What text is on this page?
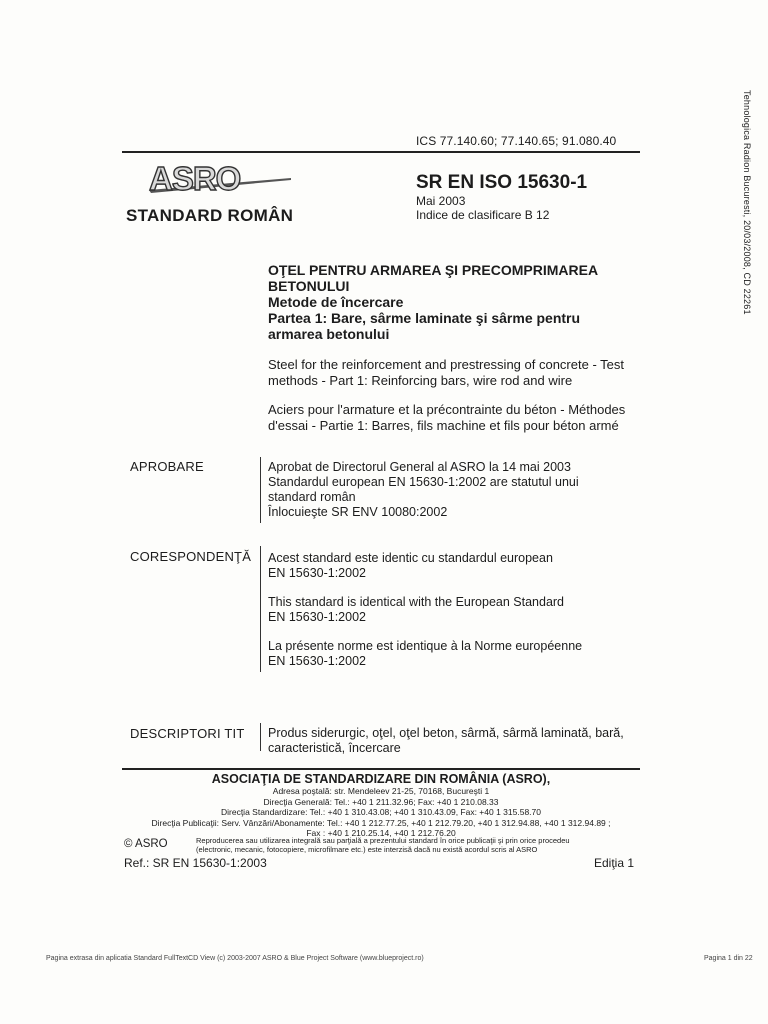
ICS 77.140.60; 77.140.65; 91.080.40
ASRO
STANDARD ROMÂN
SR EN ISO 15630-1
Mai 2003
Indice de clasificare B 12
OŢEL PENTRU ARMAREA ŞI PRECOMPRIMAREA
BETONULUI
Metode de încercare
Partea 1: Bare, sârme laminate şi sârme pentru
armarea betonului
Steel for the reinforcement and prestressing of concrete - Test
methods - Part 1: Reinforcing bars, wire rod and wire
Aciers pour l'armature et la précontrainte du béton - Méthodes
d'essai - Partie 1: Barres, fils machine et fils pour béton armé
APROBARE	Aprobat de Directorul General al ASRO la 14 mai 2003
Standardul european EN 15630-1:2002 are statutul unui
standard român
Înlocuieşte SR ENV 10080:2002
CORESPONDENŢĂ Acest standard este identic cu standardul european
EN 15630-1:2002
This standard is identical with the European Standard
EN 15630-1:2002
La présente norme est identique à la Norme européenne
EN 15630-1:2002
DESCRIPTORI TIT Produs siderurgic, oţel, oţel beton, sârmă, sârmă laminată, bară,
caracteristică, încercare
ASOCIAŢIA DE STANDARDIZARE DIN ROMÂNIA (ASRO),
Adresa poştală: str. Mendeleev 21-25, 70168, Bucureşti 1
Direcţia Generală: Tel.: +40 1 211.32.96; Fax: +40 1 210.08.33
Direcţia Standardizare: Tel.: +40 1 310.43.08; +40 1 310.43.09, Fax: +40 1 315.58.70
Direcţia Publicaţii: Serv. Vânzări/Abonamente: Tel.: +40 1 212.77.25, +40 1 212.79.20, +40 1 312.94.88, +40 1 312.94.89 ;
Fax : +40 1 210.25.14, +40 1 212.76.20
© ASRO	Reproducerea sau utilizarea integrală sau parţială a prezentului standard în orice publicaţii şi prin orice procedeu
(electronic, mecanic, fotocopiere, microfilmare etc.) este interzisă dacă nu există acordul scris al ASRO
Ref.: SR EN 15630-1:2003	Ediţia 1
Tehnologica Radion Bucuresti, 20/03/2008, CD 22261
Pagina extrasa din aplicatia Standard FullTextCD View (c) 2003-2007 ASRO & Blue Project Software (www.blueproject.ro)	Pagina 1 din 22
